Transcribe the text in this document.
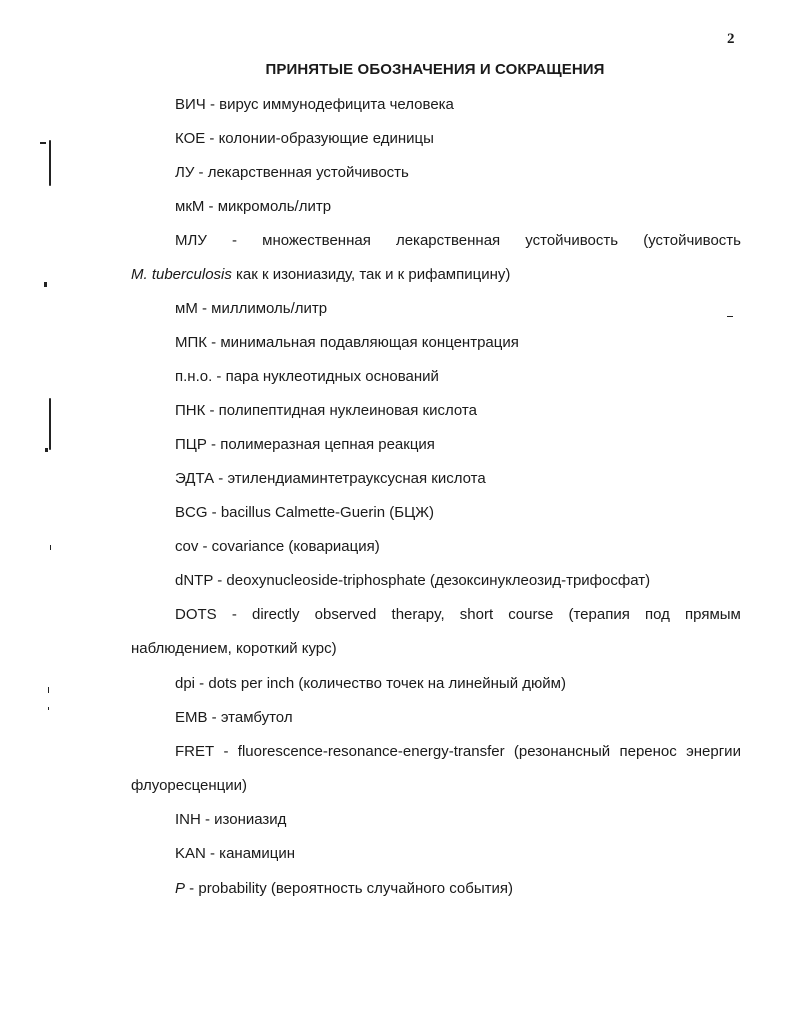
2
ПРИНЯТЫЕ ОБОЗНАЧЕНИЯ И СОКРАЩЕНИЯ
ВИЧ - вирус иммунодефицита человека
КОЕ - колонии-образующие единицы
ЛУ - лекарственная устойчивость
мкМ - микромоль/литр
МЛУ - множественная лекарственная устойчивость (устойчивость
M. tuberculosis как к изониазиду, так и к рифампицину)
мМ - миллимоль/литр
МПК - минимальная подавляющая концентрация
п.н.о. - пара нуклеотидных оснований
ПНК - полипептидная нуклеиновая кислота
ПЦР - полимеразная цепная реакция
ЭДТА - этилендиаминтетрауксусная кислота
BCG - bacillus Calmette-Guerin (БЦЖ)
cov - covariance (ковариация)
dNTP - deoxynucleoside-triphosphate (дезоксинуклеозид-трифосфат)
DOTS - directly observed therapy, short course (терапия под прямым
наблюдением, короткий курс)
dpi - dots per inch (количество точек на линейный дюйм)
EMB - этамбутол
FRET - fluorescence-resonance-energy-transfer (резонансный перенос энергии
флуоресценции)
INH - изониазид
KAN - канамицин
P - probability (вероятность случайного события)
